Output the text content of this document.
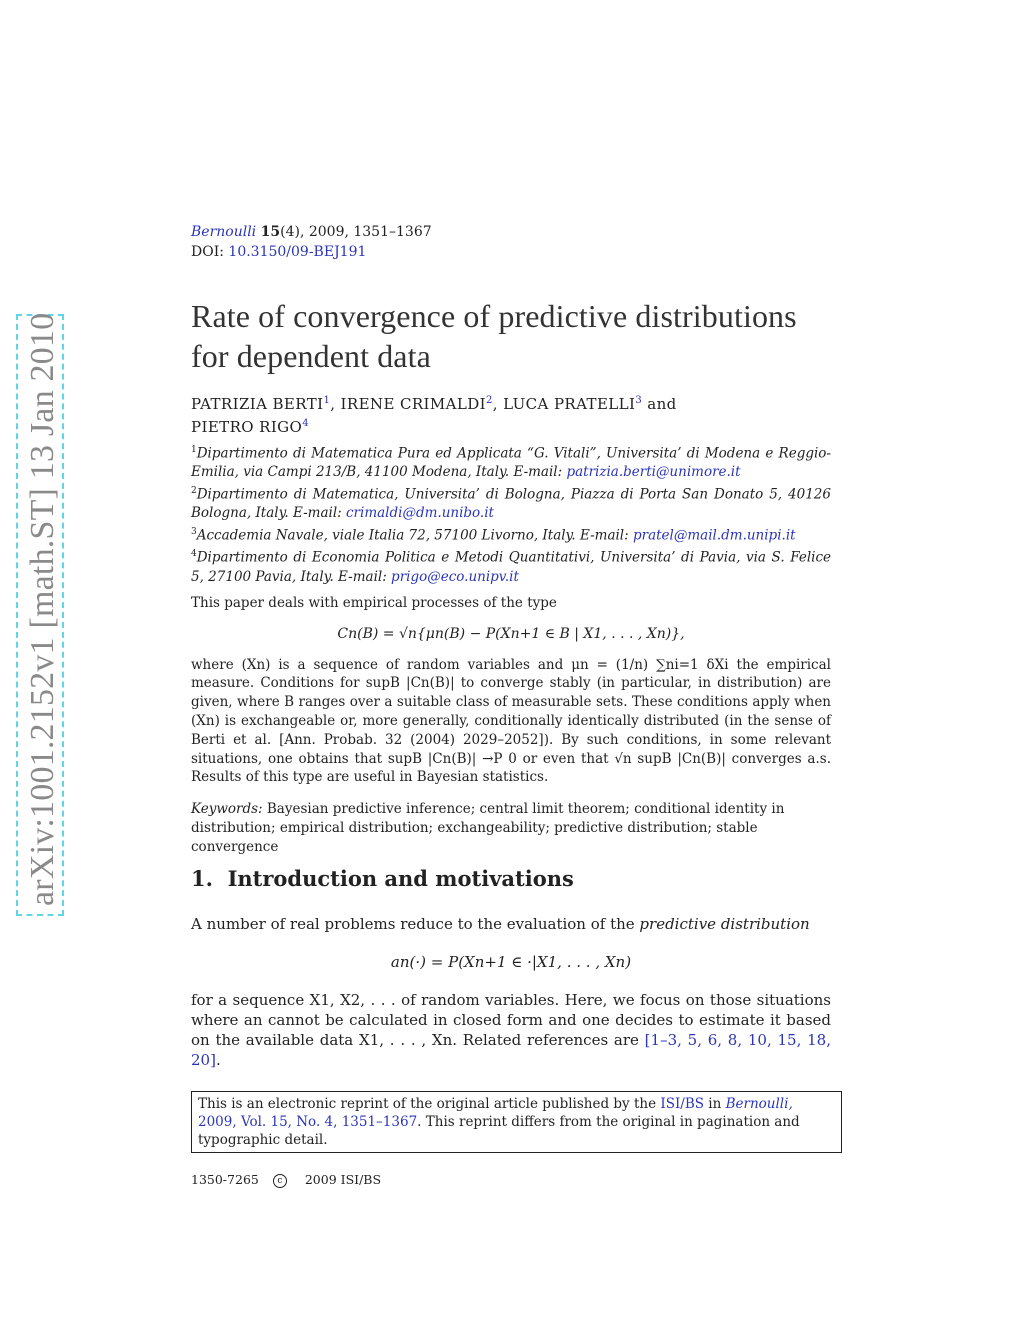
arXiv:1001.2152v1 [math.ST] 13 Jan 2010
Bernoulli 15(4), 2009, 1351–1367
DOI: 10.3150/09-BEJ191
Rate of convergence of predictive distributions
for dependent data
PATRIZIA BERTI$^1$, IRENE CRIMALDI$^2$, LUCA PRATELLI$^3$ and
PIETRO RIGO$^4$

$^1$Dipartimento di Matematica Pura ed Applicata “G. Vitali”, Universita’ di Modena e Reggio-Emilia, via Campi 213/B, 41100 Modena, Italy. E-mail: patrizia.berti@unimore.it

$^2$Dipartimento di Matematica, Universita’ di Bologna, Piazza di Porta San Donato 5, 40126 Bologna, Italy. E-mail: crimaldi@dm.unibo.it

$^3$Accademia Navale, viale Italia 72, 57100 Livorno, Italy. E-mail: pratel@mail.dm.unipi.it

$^4$Dipartimento di Economia Politica e Metodi Quantitativi, Universita’ di Pavia, via S. Felice 5, 27100 Pavia, Italy. E-mail: prigo@eco.unipv.it

This paper deals with empirical processes of the type

Cn(B) = √n{μn(B) − P(Xn+1 ∈ B | X1, . . . , Xn)},

where (Xn) is a sequence of random variables and μn = (1/n) ∑ni=1 δXi the empirical measure. Conditions for supB |Cn(B)| to converge stably (in particular, in distribution) are given, where B ranges over a suitable class of measurable sets. These conditions apply when (Xn) is exchangeable or, more generally, conditionally identically distributed (in the sense of Berti et al. [Ann. Probab. 32 (2004) 2029–2052]). By such conditions, in some relevant situations, one obtains that supB |Cn(B)| →P 0 or even that √n supB |Cn(B)| converges a.s. Results of this type are useful in Bayesian statistics.

Keywords: Bayesian predictive inference; central limit theorem; conditional identity in distribution; empirical distribution; exchangeability; predictive distribution; stable convergence
1. Introduction and motivations

A number of real problems reduce to the evaluation of the predictive distribution

an(·) = P(Xn+1 ∈ ·|X1, . . . , Xn)

for a sequence X1, X2, . . . of random variables. Here, we focus on those situations where an cannot be calculated in closed form and one decides to estimate it based on the available data X1, . . . , Xn. Related references are [1–3, 5, 6, 8, 10, 15, 18, 20].

This is an electronic reprint of the original article published by the ISI/BS in Bernoulli,
2009, Vol. 15, No. 4, 1351–1367. This reprint differs from the original in pagination and typographic detail.
1350-7265 c 2009 ISI/BS
